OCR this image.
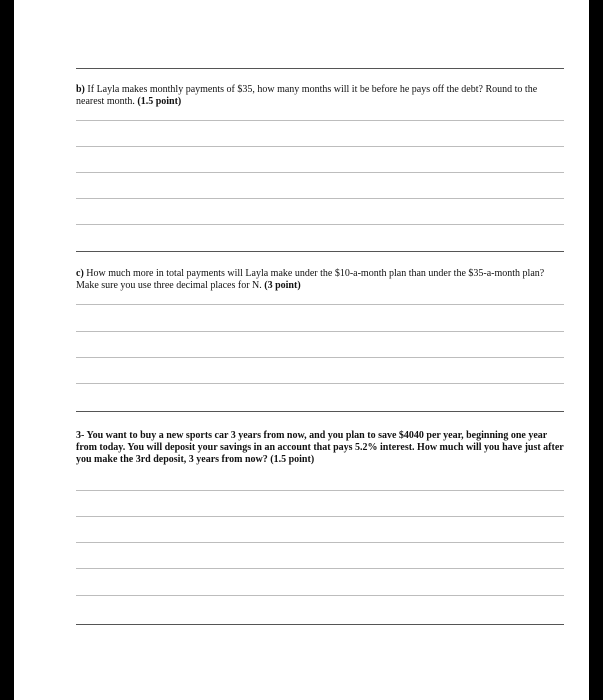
b) If Layla makes monthly payments of $35, how many months will it be before he pays off the debt? Round to the nearest month. (1.5 point)
c) How much more in total payments will Layla make under the $10-a-month plan than under the $35-a-month plan? Make sure you use three decimal places for N. (3 point)
3- You want to buy a new sports car 3 years from now, and you plan to save $4040 per year, beginning one year from today. You will deposit your savings in an account that pays 5.2% interest. How much will you have just after you make the 3rd deposit, 3 years from now? (1.5 point)
